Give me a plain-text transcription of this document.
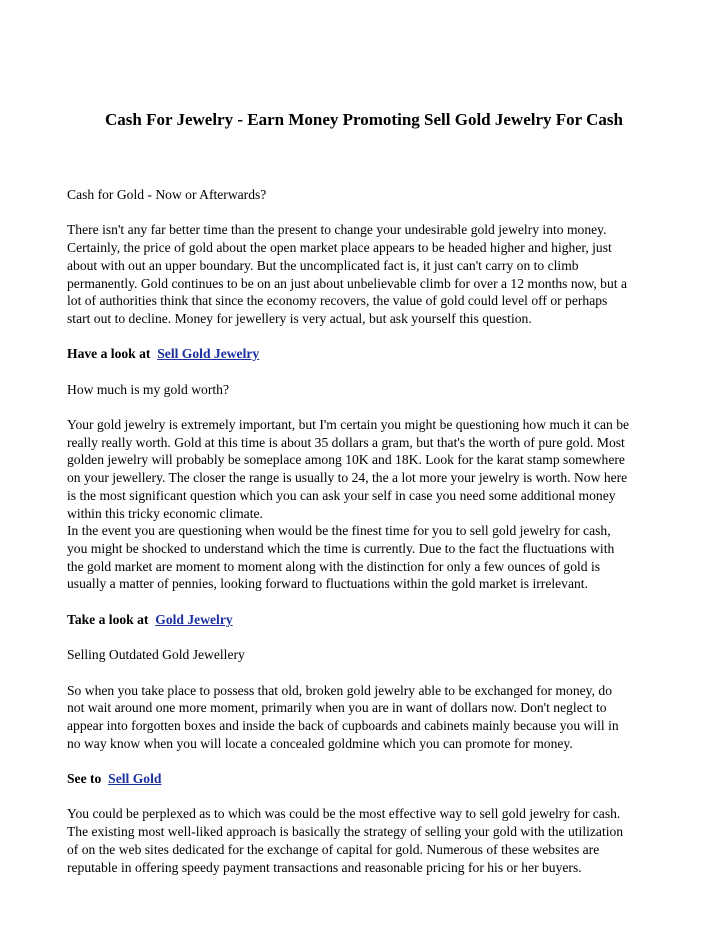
Cash For Jewelry - Earn Money Promoting Sell Gold Jewelry For Cash

Cash for Gold - Now or Afterwards?

There isn't any far better time than the present to change your undesirable gold jewelry into money.
Certainly, the price of gold about the open market place appears to be headed higher and higher, just
about with out an upper boundary. But the uncomplicated fact is, it just can't carry on to climb
permanently. Gold continues to be on an just about unbelievable climb for over a 12 months now, but a
lot of authorities think that since the economy recovers, the value of gold could level off or perhaps
start out to decline. Money for jewellery is very actual, but ask yourself this question.

Have a look at Sell Gold Jewelry

How much is my gold worth?

Your gold jewelry is extremely important, but I'm certain you might be questioning how much it can be
really really worth. Gold at this time is about 35 dollars a gram, but that's the worth of pure gold. Most
golden jewelry will probably be someplace among 10K and 18K. Look for the karat stamp somewhere
on your jewellery. The closer the range is usually to 24, the a lot more your jewelry is worth. Now here
is the most significant question which you can ask your self in case you need some additional money
within this tricky economic climate.

In the event you are questioning when would be the finest time for you to sell gold jewelry for cash,
you might be shocked to understand which the time is currently. Due to the fact the fluctuations with
the gold market are moment to moment along with the distinction for only a few ounces of gold is
usually a matter of pennies, looking forward to fluctuations within the gold market is irrelevant.

Take a look at Gold Jewelry

Selling Outdated Gold Jewellery

So when you take place to possess that old, broken gold jewelry able to be exchanged for money, do
not wait around one more moment, primarily when you are in want of dollars now. Don't neglect to
appear into forgotten boxes and inside the back of cupboards and cabinets mainly because you will in
no way know when you will locate a concealed goldmine which you can promote for money.

See to Sell Gold

You could be perplexed as to which was could be the most effective way to sell gold jewelry for cash.
The existing most well-liked approach is basically the strategy of selling your gold with the utilization
of on the web sites dedicated for the exchange of capital for gold. Numerous of these websites are
reputable in offering speedy payment transactions and reasonable pricing for his or her buyers.
